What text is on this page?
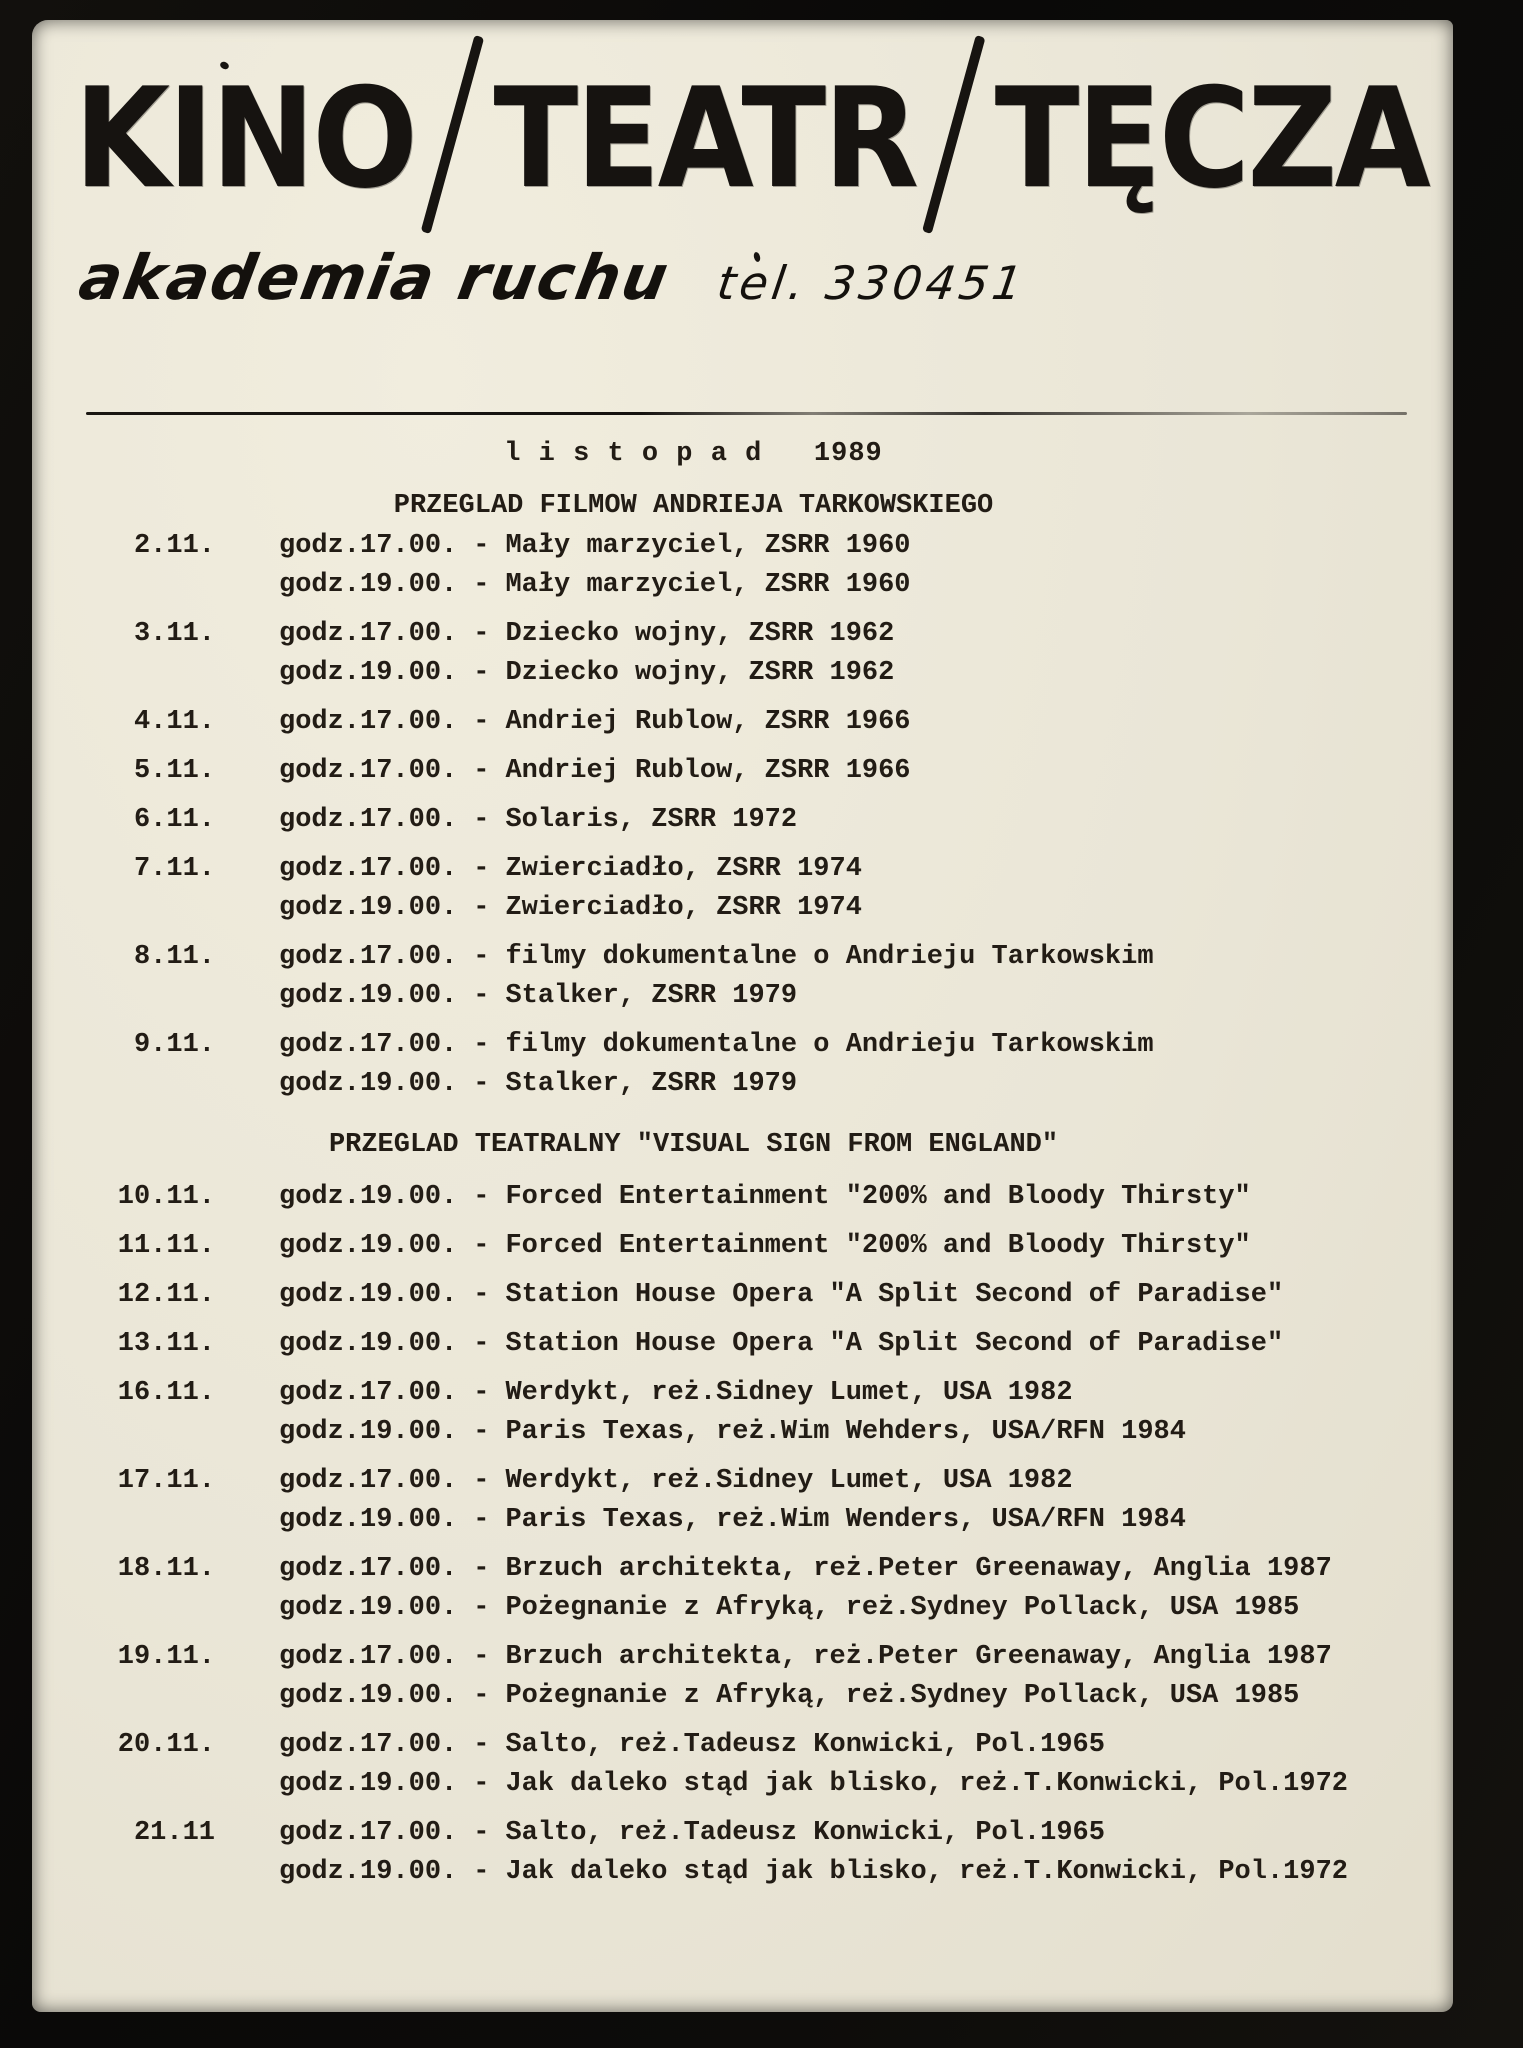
KINO TEATR TĘCZA
akademia ruchu tel. 330451
l i s t o p a d   1989
PRZEGLAD FILMOW ANDRIEJA TARKOWSKIEGO
2.11. godz.17.00. - Mały marzyciel, ZSRR 1960
godz.19.00. - Mały marzyciel, ZSRR 1960
3.11. godz.17.00. - Dziecko wojny, ZSRR 1962
godz.19.00. - Dziecko wojny, ZSRR 1962
4.11. godz.17.00. - Andriej Rublow, ZSRR 1966
5.11. godz.17.00. - Andriej Rublow, ZSRR 1966
6.11. godz.17.00. - Solaris, ZSRR 1972
7.11. godz.17.00. - Zwierciadło, ZSRR 1974
godz.19.00. - Zwierciadło, ZSRR 1974
8.11. godz.17.00. - filmy dokumentalne o Andrieju Tarkowskim
godz.19.00. - Stalker, ZSRR 1979
9.11. godz.17.00. - filmy dokumentalne o Andrieju Tarkowskim
godz.19.00. - Stalker, ZSRR 1979
PRZEGLAD TEATRALNY "VISUAL SIGN FROM ENGLAND"
10.11. godz.19.00. - Forced Entertainment "200% and Bloody Thirsty"
11.11. godz.19.00. - Forced Entertainment "200% and Bloody Thirsty"
12.11. godz.19.00. - Station House Opera "A Split Second of Paradise"
13.11. godz.19.00. - Station House Opera "A Split Second of Paradise"
16.11. godz.17.00. - Werdykt, reż.Sidney Lumet, USA 1982
godz.19.00. - Paris Texas, reż.Wim Wehders, USA/RFN 1984
17.11. godz.17.00. - Werdykt, reż.Sidney Lumet, USA 1982
godz.19.00. - Paris Texas, reż.Wim Wenders, USA/RFN 1984
18.11. godz.17.00. - Brzuch architekta, reż.Peter Greenaway, Anglia 1987
godz.19.00. - Pożegnanie z Afryką, reż.Sydney Pollack, USA 1985
19.11. godz.17.00. - Brzuch architekta, reż.Peter Greenaway, Anglia 1987
godz.19.00. - Pożegnanie z Afryką, reż.Sydney Pollack, USA 1985
20.11. godz.17.00. - Salto, reż.Tadeusz Konwicki, Pol.1965
godz.19.00. - Jak daleko stąd jak blisko, reż.T.Konwicki, Pol.1972
21.11 godz.17.00. - Salto, reż.Tadeusz Konwicki, Pol.1965
godz.19.00. - Jak daleko stąd jak blisko, reż.T.Konwicki, Pol.1972
